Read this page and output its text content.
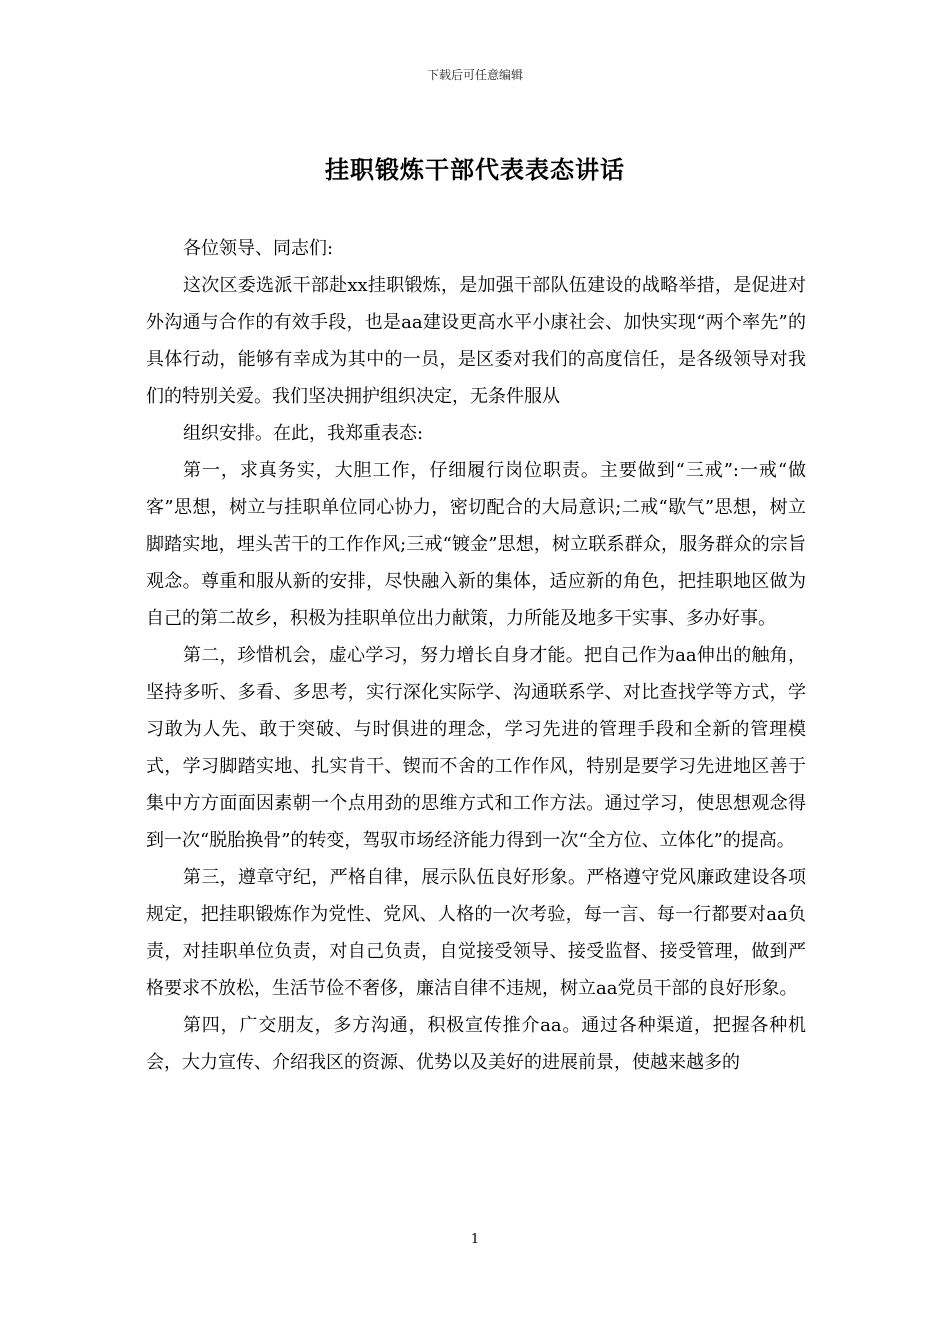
下载后可任意编辑
挂职锻炼干部代表表态讲话

各位领导、同志们:

这次区委选派干部赴xx挂职锻炼，是加强干部队伍建设的战略举措，是促进对外沟通与合作的有效手段，也是aa建设更高水平小康社会、加快实现“两个率先”的具体行动，能够有幸成为其中的一员，是区委对我们的高度信任，是各级领导对我们的特别关爱。我们坚决拥护组织决定，无条件服从

组织安排。在此，我郑重表态:

第一，求真务实，大胆工作，仔细履行岗位职责。主要做到“三戒”:一戒“做客”思想，树立与挂职单位同心协力，密切配合的大局意识;二戒“歇气”思想，树立脚踏实地，埋头苦干的工作作风;三戒“镀金”思想，树立联系群众，服务群众的宗旨观念。尊重和服从新的安排，尽快融入新的集体，适应新的角色，把挂职地区做为自己的第二故乡，积极为挂职单位出力献策，力所能及地多干实事、多办好事。

第二，珍惜机会，虚心学习，努力增长自身才能。把自己作为aa伸出的触角，坚持多听、多看、多思考，实行深化实际学、沟通联系学、对比查找学等方式，学习敢为人先、敢于突破、与时俱进的理念，学习先进的管理手段和全新的管理模式，学习脚踏实地、扎实肯干、锲而不舍的工作作风，特别是要学习先进地区善于集中方方面面因素朝一个点用劲的思维方式和工作方法。通过学习，使思想观念得到一次“脱胎换骨”的转变，驾驭市场经济能力得到一次“全方位、立体化”的提高。

第三，遵章守纪，严格自律，展示队伍良好形象。严格遵守党风廉政建设各项规定，把挂职锻炼作为党性、党风、人格的一次考验，每一言、每一行都要对aa负责，对挂职单位负责，对自己负责，自觉接受领导、接受监督、接受管理，做到严格要求不放松，生活节俭不奢侈，廉洁自律不违规，树立aa党员干部的良好形象。

第四，广交朋友，多方沟通，积极宣传推介aa。通过各种渠道，把握各种机会，大力宣传、介绍我区的资源、优势以及美好的进展前景，使越来越多的

1
